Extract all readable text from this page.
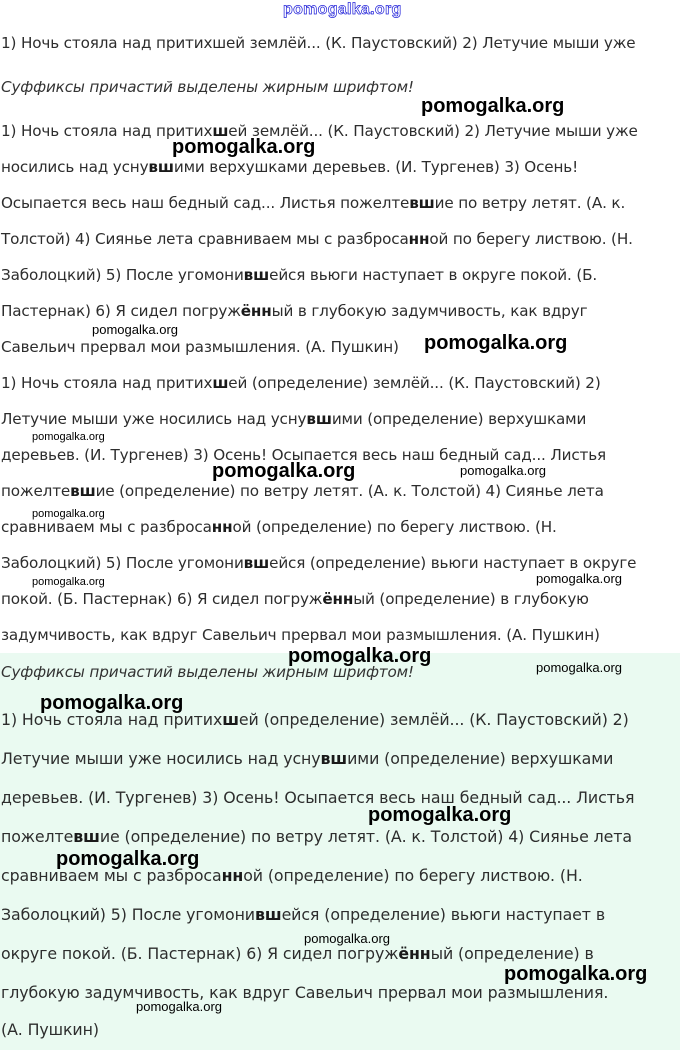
pomogalka.org
1) Ночь стояла над притихшей землёй... (К. Паустовский) 2) Летучие мыши уже
Суффиксы причастий выделены жирным шрифтом!
1) Ночь стояла над притихшей землёй... (К. Паустовский) 2) Летучие мыши уже
носились над уснувшими верхушками деревьев. (И. Тургенев) 3) Осень!
Осыпается весь наш бедный сад... Листья пожелтевшие по ветру летят. (А. к.
Толстой) 4) Сиянье лета сравниваем мы с разбросанной по берегу листвою. (Н.
Заболоцкий) 5) После угомонившейся вьюги наступает в округе покой. (Б.
Пастернак) 6) Я сидел погружённый в глубокую задумчивость, как вдруг
Савельич прервал мои размышления. (А. Пушкин)
1) Ночь стояла над притихшей (определение) землёй... (К. Паустовский) 2)
Летучие мыши уже носились над уснувшими (определение) верхушками
деревьев. (И. Тургенев) 3) Осень! Осыпается весь наш бедный сад... Листья
пожелтевшие (определение) по ветру летят. (А. к. Толстой) 4) Сиянье лета
сравниваем мы с разбросанной (определение) по берегу листвою. (Н.
Заболоцкий) 5) После угомонившейся (определение) вьюги наступает в округе
покой. (Б. Пастернак) 6) Я сидел погружённый (определение) в глубокую
задумчивость, как вдруг Савельич прервал мои размышления. (А. Пушкин)
Суффиксы причастий выделены жирным шрифтом!
1) Ночь стояла над притихшей (определение) землёй... (К. Паустовский) 2)
Летучие мыши уже носились над уснувшими (определение) верхушками
деревьев. (И. Тургенев) 3) Осень! Осыпается весь наш бедный сад... Листья
пожелтевшие (определение) по ветру летят. (А. к. Толстой) 4) Сиянье лета
сравниваем мы с разбросанной (определение) по берегу листвою. (Н.
Заболоцкий) 5) После угомонившейся (определение) вьюги наступает в
округе покой. (Б. Пастернак) 6) Я сидел погружённый (определение) в
глубокую задумчивость, как вдруг Савельич прервал мои размышления.
(А. Пушкин)
pomogalka.org
pomogalka.org
pomogalka.org
pomogalka.org
pomogalka.org
pomogalka.org	pomogalka.org
pomogalka.org
pomogalka.org	pomogalka.org
pomogalka.org
pomogalka.org
pomogalka.org
pomogalka.org
pomogalka.org
pomogalka.org
pomogalka.org
pomogalka.org
